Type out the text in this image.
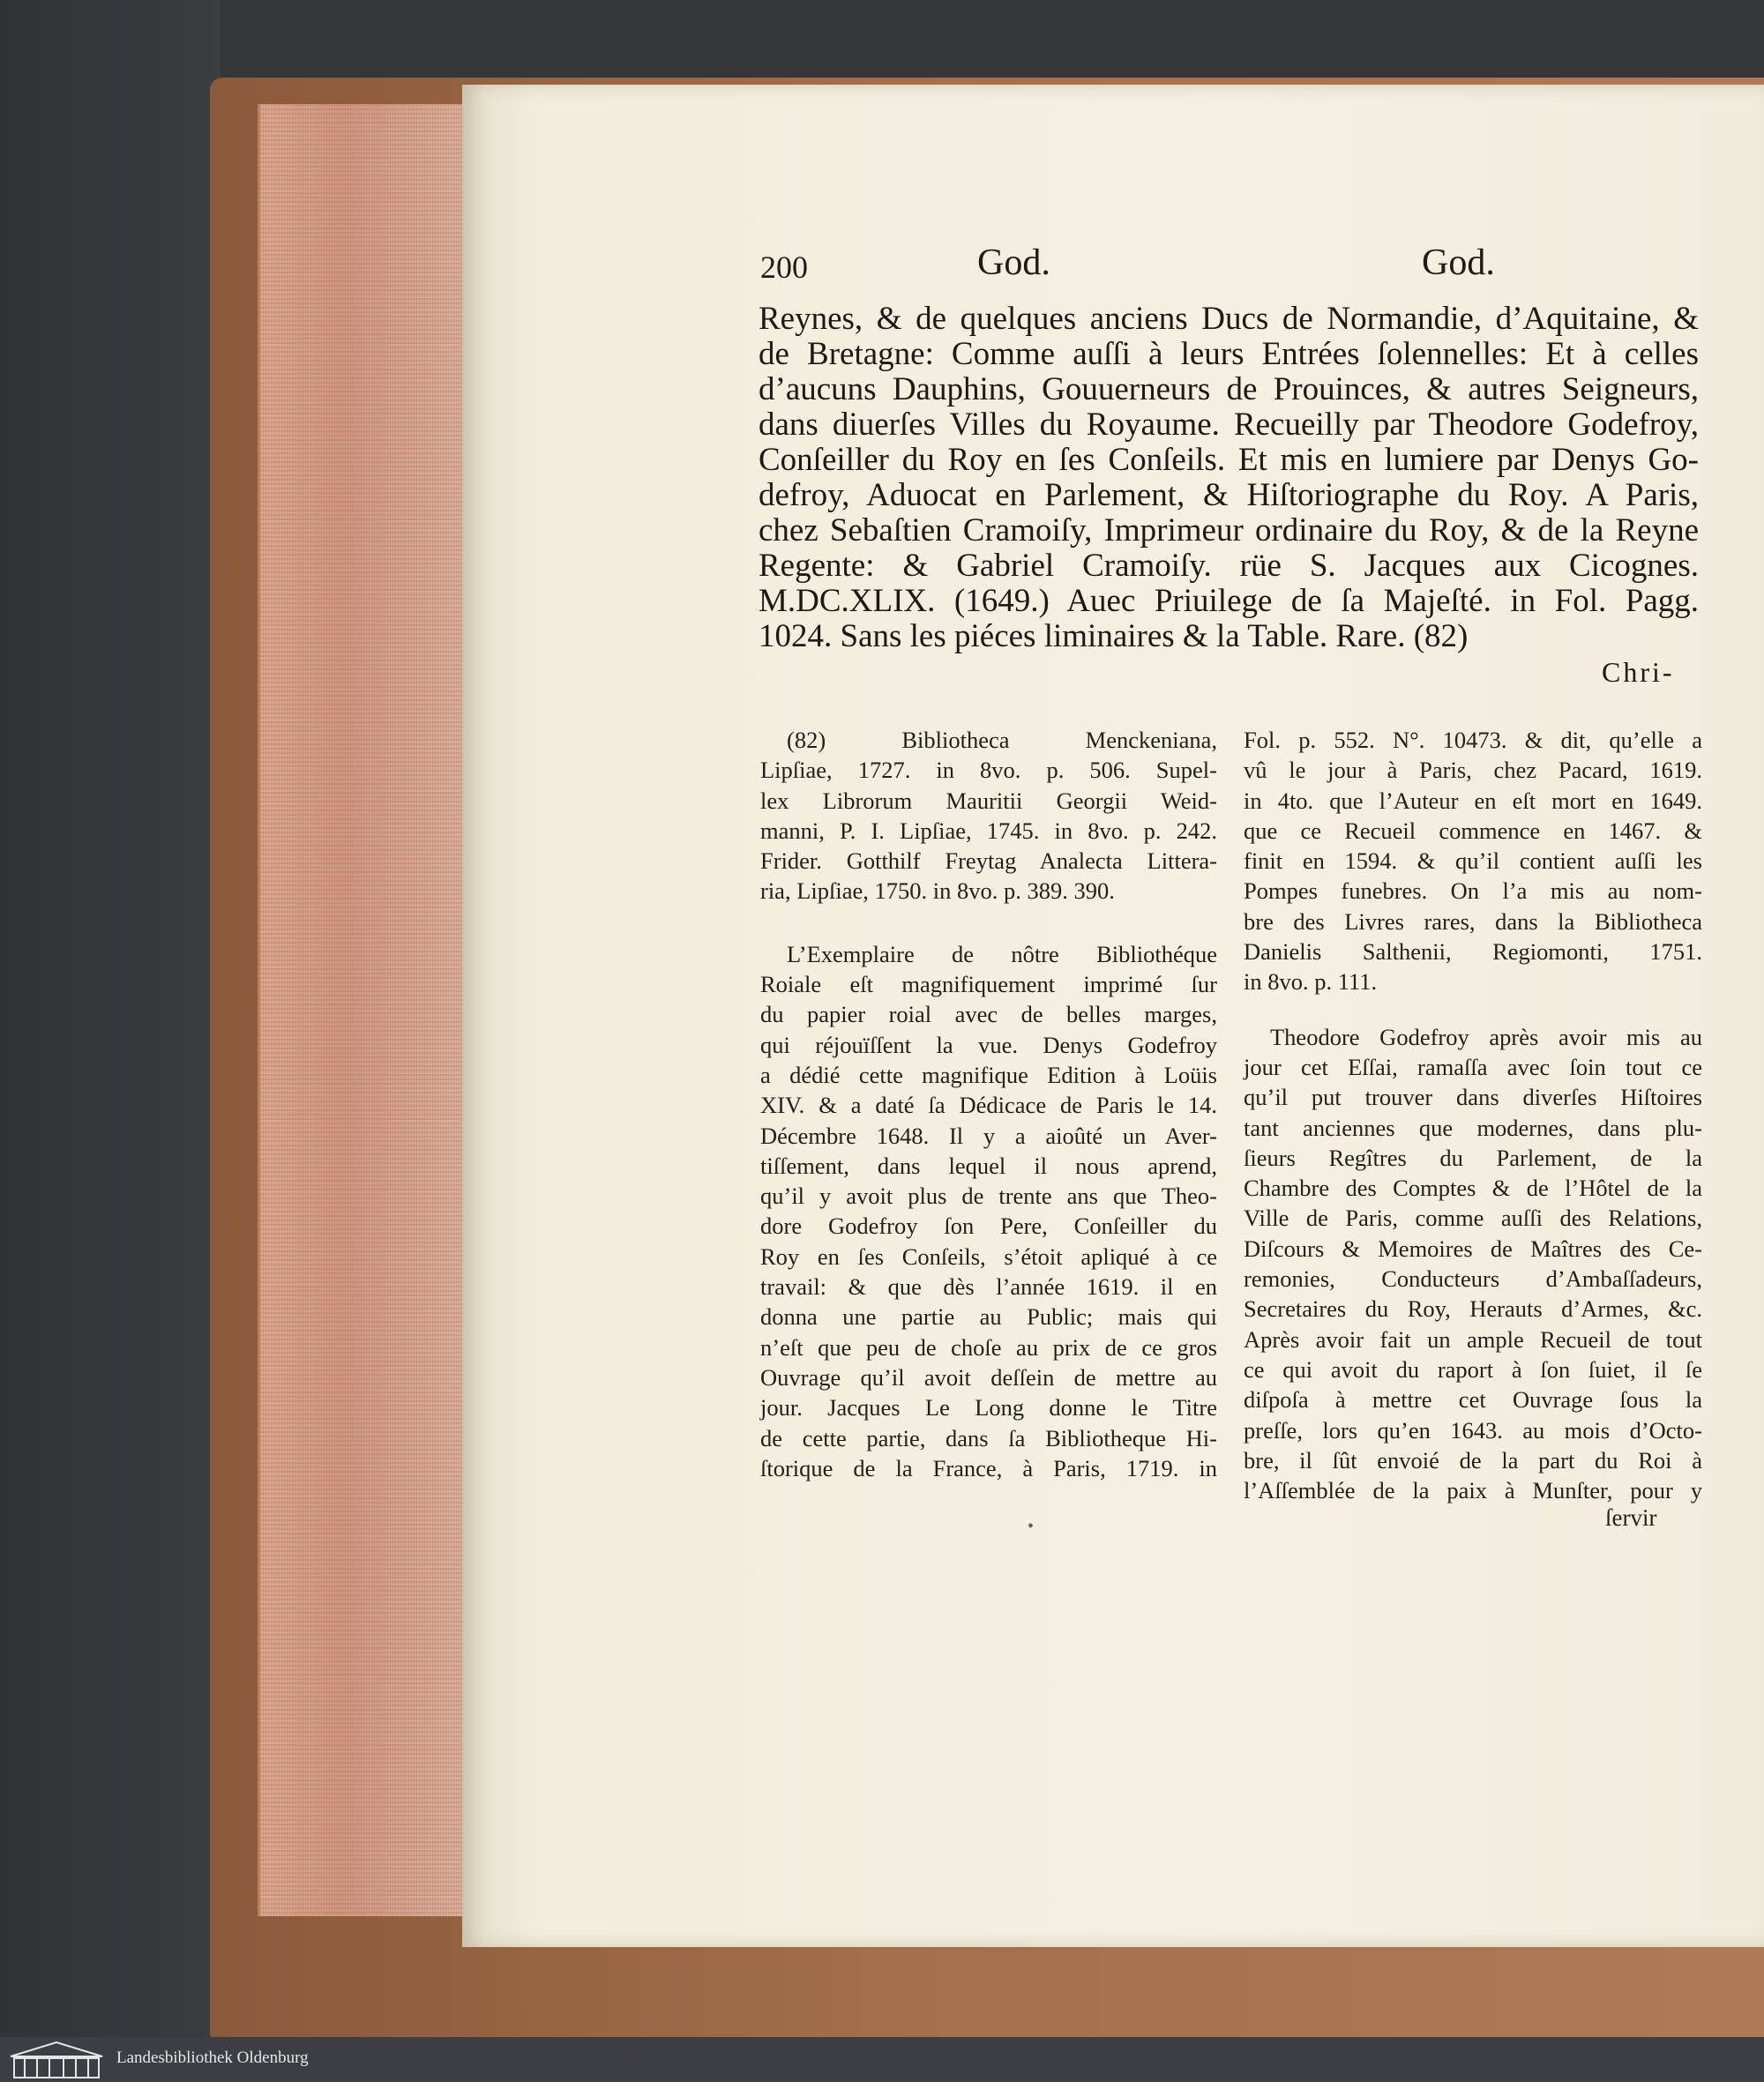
200	God.	God.

Reynes, & de quelques anciens Ducs de Normandie, d’Aquitaine, &

de Bretagne: Comme auſſi à leurs Entrées ſolennelles: Et à celles

d’aucuns Dauphins, Gouuerneurs de Prouinces, & autres Seigneurs,

dans diuerſes Villes du Royaume. Recueilly par Theodore Godefroy,

Conſeiller du Roy en ſes Conſeils. Et mis en lumiere par Denys Go-

defroy, Aduocat en Parlement, & Hiſtoriographe du Roy. A Paris,

chez Sebaſtien Cramoiſy, Imprimeur ordinaire du Roy, & de la Reyne

Regente: & Gabriel Cramoiſy. rüe S. Jacques aux Cicognes.

M.DC.XLIX. (1649.) Auec Priuilege de ſa Majeſté. in Fol. Pagg.

1024. Sans les piéces liminaires & la Table. Rare. (82)

Chri-

(82) Bibliotheca Menckeniana,

Lipſiae, 1727. in 8vo. p. 506. Supel-

lex Librorum Mauritii Georgii Weid-

manni, P. I. Lipſiae, 1745. in 8vo. p. 242.

Frider. Gotthilf Freytag Analecta Littera-

ria, Lipſiae, 1750. in 8vo. p. 389. 390.

L’Exemplaire de nôtre Bibliothéque

Roiale eſt magnifiquement imprimé ſur

du papier roial avec de belles marges,

qui réjouïſſent la vue. Denys Godefroy

a dédié cette magnifique Edition à Loüis

XIV. & a daté ſa Dédicace de Paris le 14.

Décembre 1648. Il y a aioûté un Aver-

tiſſement, dans lequel il nous aprend,

qu’il y avoit plus de trente ans que Theo-

dore Godefroy ſon Pere, Conſeiller du

Roy en ſes Conſeils, s’étoit apliqué à ce

travail: & que dès l’année 1619. il en

donna une partie au Public; mais qui

n’eſt que peu de choſe au prix de ce gros

Ouvrage qu’il avoit deſſein de mettre au

jour. Jacques Le Long donne le Titre

de cette partie, dans ſa Bibliotheque Hi-

ſtorique de la France, à Paris, 1719. in

Fol. p. 552. N°. 10473. & dit, qu’elle a

vû le jour à Paris, chez Pacard, 1619.

in 4to. que l’Auteur en eſt mort en 1649.

que ce Recueil commence en 1467. &

finit en 1594. & qu’il contient auſſi les

Pompes funebres. On l’a mis au nom-

bre des Livres rares, dans la Bibliotheca

Danielis Salthenii, Regiomonti, 1751.

in 8vo. p. 111.

Theodore Godefroy après avoir mis au

jour cet Eſſai, ramaſſa avec ſoin tout ce

qu’il put trouver dans diverſes Hiſtoires

tant anciennes que modernes, dans plu-

ſieurs Regîtres du Parlement, de la

Chambre des Comptes & de l’Hôtel de la

Ville de Paris, comme auſſi des Relations,

Diſcours & Memoires de Maîtres des Ce-

remonies, Conducteurs d’Ambaſſadeurs,

Secretaires du Roy, Herauts d’Armes, &c.

Après avoir fait un ample Recueil de tout

ce qui avoit du raport à ſon ſuiet, il ſe

diſpoſa à mettre cet Ouvrage ſous la

preſſe, lors qu’en 1643. au mois d’Octo-

bre, il ſût envoié de la part du Roi à

l’Aſſemblée de la paix à Munſter, pour y

ſervir
•
Landesbibliothek Oldenburg
